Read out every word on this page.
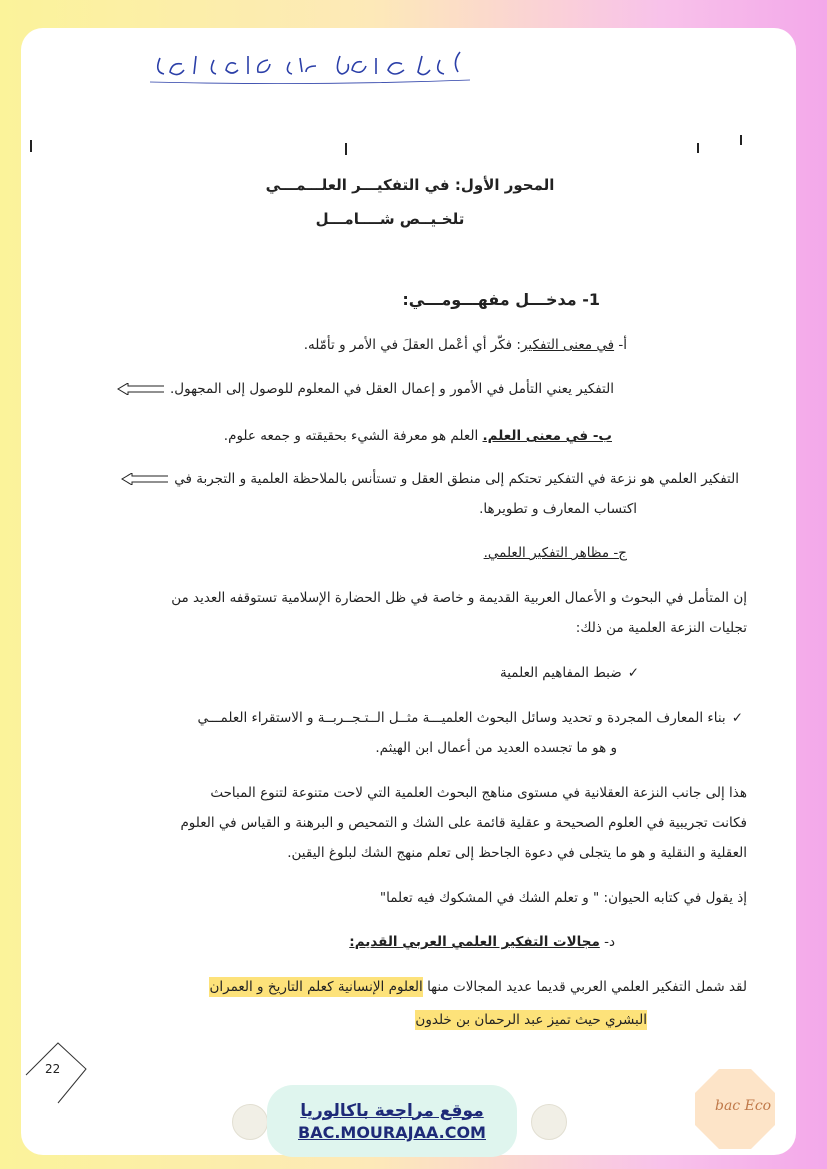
المحور الأول: في التفكيـــر العلـــمـــي
تلخـيــص شــــامـــل
1- مدخـــل مفهـــومـــي:
أ- في معنى التفكير: فكّر أي أعْمل العقلَ في الأمر و تأمّله.
التفكير يعني التأمل في الأمور و إعمال العقل في المعلوم للوصول إلى المجهول.
ب- في معنى العلم. العلم هو معرفة الشيء بحقيقته و جمعه علوم.
التفكير العلمي هو نزعة في التفكير تحتكم إلى منطق العقل و تستأنس بالملاحظة العلمية و التجربة في
اكتساب المعارف و تطويرها.
ج- مظاهر التفكير العلمي.
إن المتأمل في البحوث و الأعمال العربية القديمة و خاصة في ظل الحضارة الإسلامية تستوقفه العديد من
تجليات النزعة العلمية من ذلك:
✓ضبط المفاهيم العلمية
✓بناء المعارف المجردة و تحديد وسائل البحوث العلميـــة مثــل الــتـجــربــة و الاستقراء العلمـــي
و هو ما تجسده العديد من أعمال ابن الهيثم.
هذا إلى جانب النزعة العقلانية في مستوى مناهج البحوث العلمية التي لاحت متنوعة لتنوع المباحث
فكانت تجريبية في العلوم الصحيحة و عقلية قائمة على الشك و التمحيص و البرهنة و القياس في العلوم
العقلية و النقلية و هو ما يتجلى في دعوة الجاحظ إلى تعلم منهج الشك لبلوغ اليقين.
إذ يقول في كتابه الحيوان: " و تعلم الشك في المشكوك فيه تعلما"
د- مجالات التفكير العلمي العربي القديم:
لقد شمل التفكير العلمي العربي قديما عديد المجالات منها العلوم الإنسانية كعلم التاريخ و العمران
البشري حيث تميز عبد الرحمان بن خلدون
22
موقع مراجعة باكالوريا
BAC.MOURAJAA.COM
bac Eco
